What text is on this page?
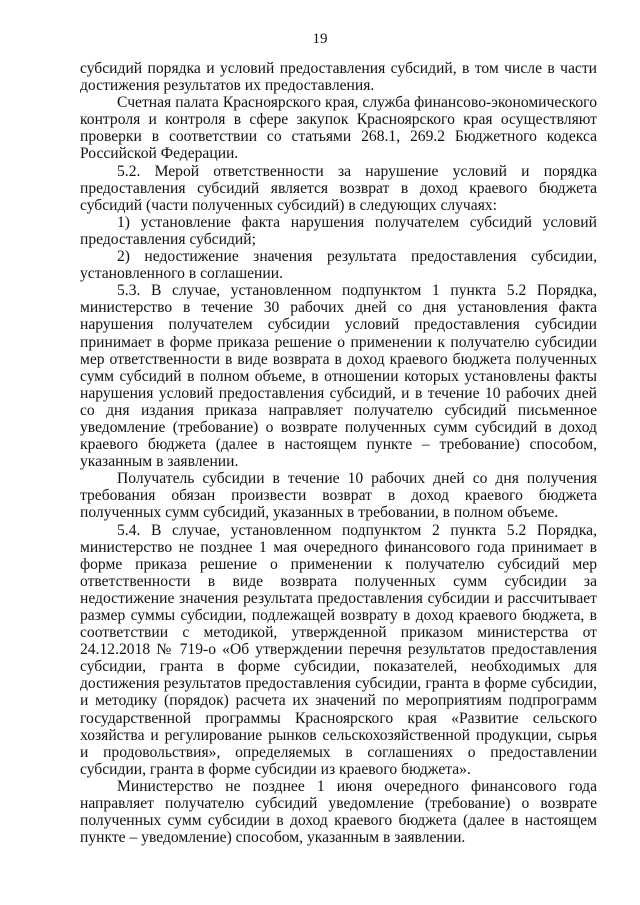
19

субсидий порядка и условий предоставления субсидий, в том числе в части достижения результатов их предоставления.

Счетная палата Красноярского края, служба финансово-экономического контроля и контроля в сфере закупок Красноярского края осуществляют проверки в соответствии со статьями 268.1, 269.2 Бюджетного кодекса Российской Федерации.

5.2. Мерой ответственности за нарушение условий и порядка предоставления субсидий является возврат в доход краевого бюджета субсидий (части полученных субсидий) в следующих случаях:

1) установление факта нарушения получателем субсидий условий предоставления субсидий;

2) недостижение значения результата предоставления субсидии, установленного в соглашении.

5.3. В случае, установленном подпунктом 1 пункта 5.2 Порядка, министерство в течение 30 рабочих дней со дня установления факта нарушения получателем субсидии условий предоставления субсидии принимает в форме приказа решение о применении к получателю субсидии мер ответственности в виде возврата в доход краевого бюджета полученных сумм субсидий в полном объеме, в отношении которых установлены факты нарушения условий предоставления субсидий, и в течение 10 рабочих дней со дня издания приказа направляет получателю субсидий письменное уведомление (требование) о возврате полученных сумм субсидий в доход краевого бюджета (далее в настоящем пункте – требование) способом, указанным в заявлении.

Получатель субсидии в течение 10 рабочих дней со дня получения требования обязан произвести возврат в доход краевого бюджета полученных сумм субсидий, указанных в требовании, в полном объеме.

5.4. В случае, установленном подпунктом 2 пункта 5.2 Порядка, министерство не позднее 1 мая очередного финансового года принимает в форме приказа решение о применении к получателю субсидий мер ответственности в виде возврата полученных сумм субсидии за недостижение значения результата предоставления субсидии и рассчитывает размер суммы субсидии, подлежащей возврату в доход краевого бюджета, в соответствии с методикой, утвержденной приказом министерства от 24.12.2018 № 719-о «Об утверждении перечня результатов предоставления субсидии, гранта в форме субсидии, показателей, необходимых для достижения результатов предоставления субсидии, гранта в форме субсидии, и методику (порядок) расчета их значений по мероприятиям подпрограмм государственной программы Красноярского края «Развитие сельского хозяйства и регулирование рынков сельскохозяйственной продукции, сырья и продовольствия», определяемых в соглашениях о предоставлении субсидии, гранта в форме субсидии из краевого бюджета».

Министерство не позднее 1 июня очередного финансового года направляет получателю субсидий уведомление (требование) о возврате полученных сумм субсидии в доход краевого бюджета (далее в настоящем пункте – уведомление) способом, указанным в заявлении.
